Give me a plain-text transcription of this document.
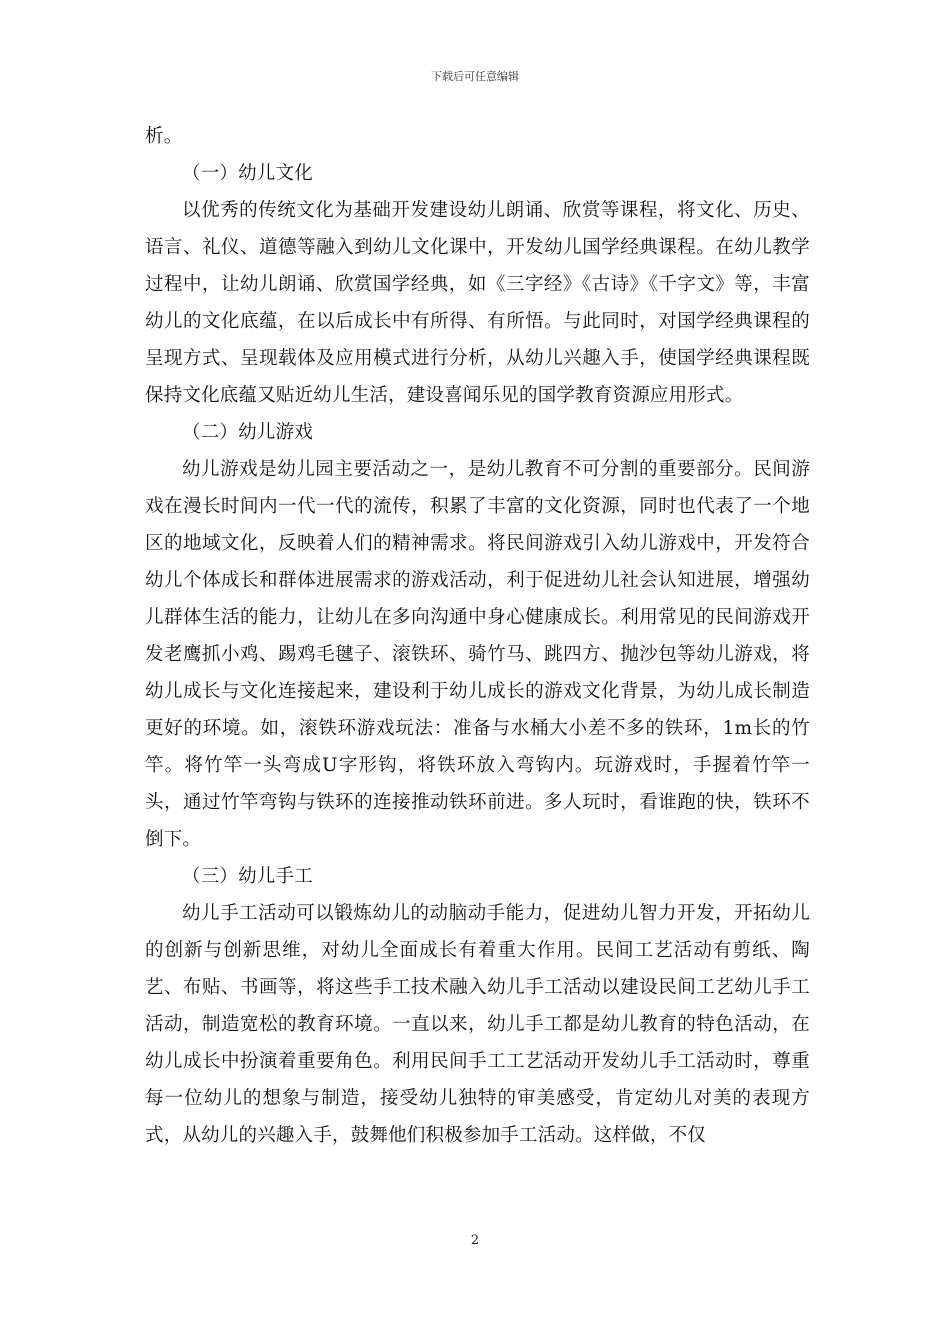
下载后可任意编辑

析。

（一）幼儿文化

以优秀的传统文化为基础开发建设幼儿朗诵、欣赏等课程，将文化、历史、语言、礼仪、道德等融入到幼儿文化课中，开发幼儿国学经典课程。在幼儿教学过程中，让幼儿朗诵、欣赏国学经典，如《三字经》《古诗》《千字文》等，丰富幼儿的文化底蕴，在以后成长中有所得、有所悟。与此同时，对国学经典课程的呈现方式、呈现载体及应用模式进行分析，从幼儿兴趣入手，使国学经典课程既保持文化底蕴又贴近幼儿生活，建设喜闻乐见的国学教育资源应用形式。

（二）幼儿游戏

幼儿游戏是幼儿园主要活动之一，是幼儿教育不可分割的重要部分。民间游戏在漫长时间内一代一代的流传，积累了丰富的文化资源，同时也代表了一个地区的地域文化，反映着人们的精神需求。将民间游戏引入幼儿游戏中，开发符合幼儿个体成长和群体进展需求的游戏活动，利于促进幼儿社会认知进展，增强幼儿群体生活的能力，让幼儿在多向沟通中身心健康成长。利用常见的民间游戏开发老鹰抓小鸡、踢鸡毛毽子、滚铁环、骑竹马、跳四方、抛沙包等幼儿游戏，将幼儿成长与文化连接起来，建设利于幼儿成长的游戏文化背景，为幼儿成长制造更好的环境。如，滚铁环游戏玩法：准备与水桶大小差不多的铁环，1m长的竹竿。将竹竿一头弯成U字形钩，将铁环放入弯钩内。玩游戏时，手握着竹竿一头，通过竹竿弯钩与铁环的连接推动铁环前进。多人玩时，看谁跑的快，铁环不倒下。

（三）幼儿手工

幼儿手工活动可以锻炼幼儿的动脑动手能力，促进幼儿智力开发，开拓幼儿的创新与创新思维，对幼儿全面成长有着重大作用。民间工艺活动有剪纸、陶艺、布贴、书画等，将这些手工技术融入幼儿手工活动以建设民间工艺幼儿手工活动，制造宽松的教育环境。一直以来，幼儿手工都是幼儿教育的特色活动，在幼儿成长中扮演着重要角色。利用民间手工工艺活动开发幼儿手工活动时，尊重每一位幼儿的想象与制造，接受幼儿独特的审美感受，肯定幼儿对美的表现方式，从幼儿的兴趣入手，鼓舞他们积极参加手工活动。这样做，不仅

2
